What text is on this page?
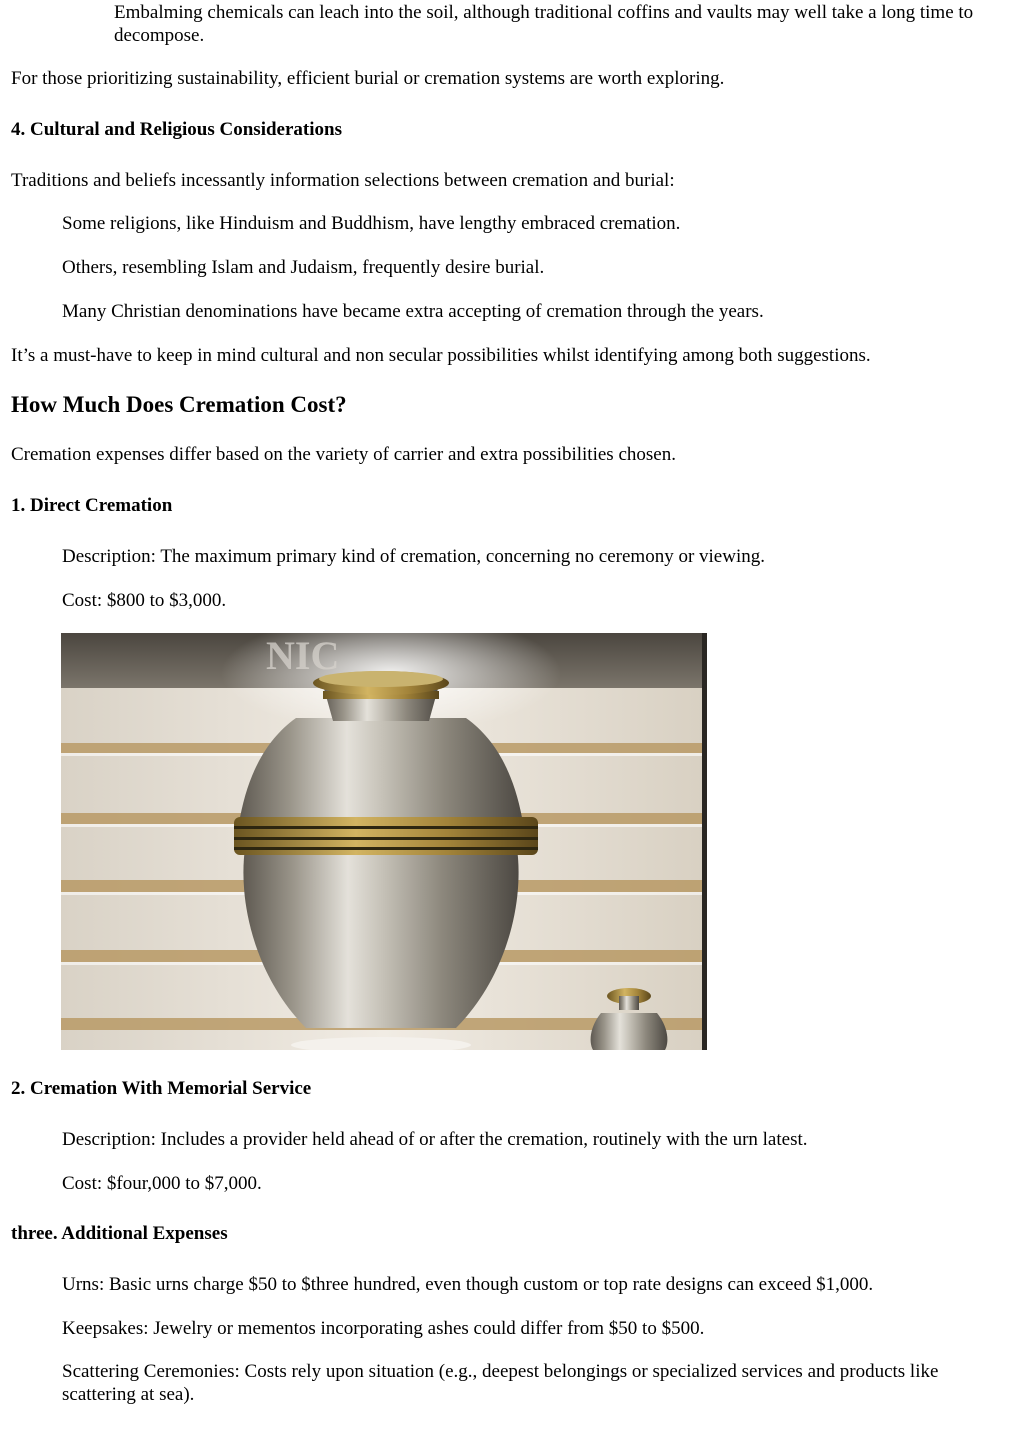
Embalming chemicals can leach into the soil, although traditional coffins and vaults may well take a long time to decompose.

For those prioritizing sustainability, efficient burial or cremation systems are worth exploring.

4. Cultural and Religious Considerations

Traditions and beliefs incessantly information selections between cremation and burial:

Some religions, like Hinduism and Buddhism, have lengthy embraced cremation.

Others, resembling Islam and Judaism, frequently desire burial.

Many Christian denominations have became extra accepting of cremation through the years.

It’s a must-have to keep in mind cultural and non secular possibilities whilst identifying among both suggestions.

How Much Does Cremation Cost?

Cremation expenses differ based on the variety of carrier and extra possibilities chosen.

1. Direct Cremation

Description: The maximum primary kind of cremation, concerning no ceremony or viewing.

Cost: $800 to $3,000.

NIC
2. Cremation With Memorial Service

Description: Includes a provider held ahead of or after the cremation, routinely with the urn latest.

Cost: $four,000 to $7,000.

three. Additional Expenses

Urns: Basic urns charge $50 to $three hundred, even though custom or top rate designs can exceed $1,000.

Keepsakes: Jewelry or mementos incorporating ashes could differ from $50 to $500.

Scattering Ceremonies: Costs rely upon situation (e.g., deepest belongings or specialized services and products like scattering at sea).
